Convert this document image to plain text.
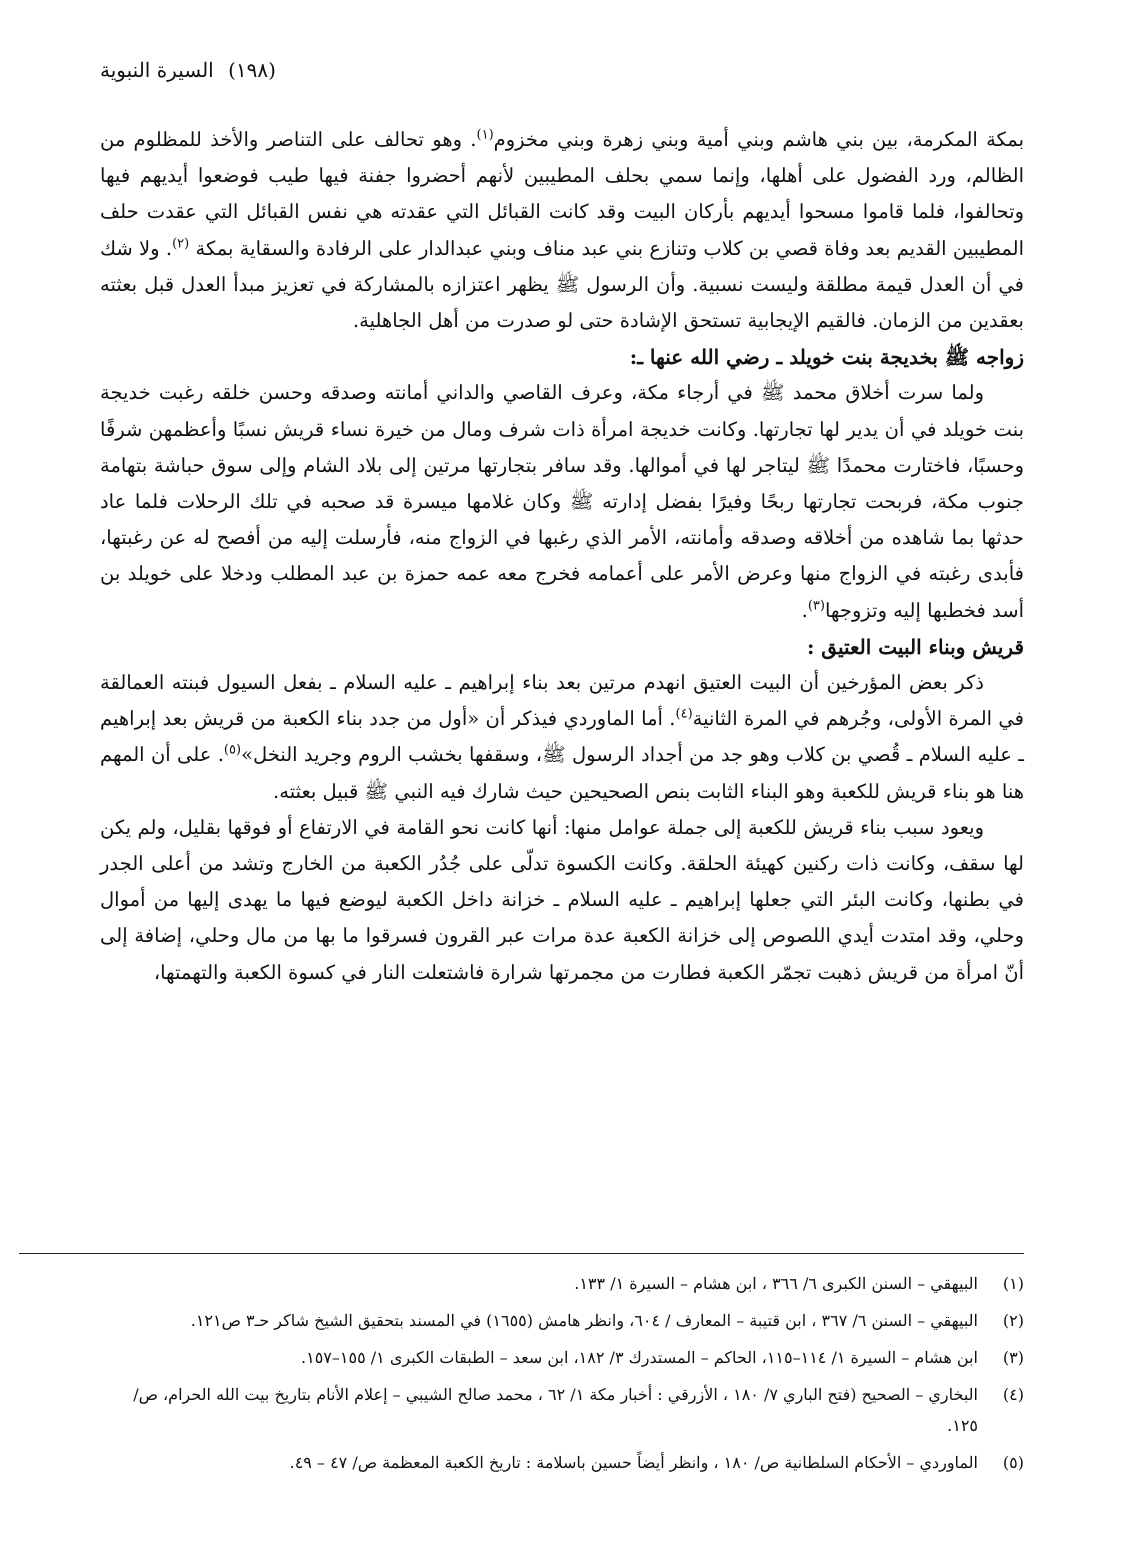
(١٩٨) السيرة النبوية

بمكة المكرمة، بين بني هاشم وبني أمية وبني زهرة وبني مخزوم$^{(١)}$. وهو تحالف على التناصر والأخذ للمظلوم من الظالم، ورد الفضول على أهلها، وإنما سمي بحلف المطيبين لأنهم أحضروا جفنة فيها طيب فوضعوا أيديهم فيها وتحالفوا، فلما قاموا مسحوا أيديهم بأركان البيت وقد كانت القبائل التي عقدته هي نفس القبائل التي عقدت حلف المطيبين القديم بعد وفاة قصي بن كلاب وتنازع بني عبد مناف وبني عبدالدار على الرفادة والسقاية بمكة $^{(٢)}$. ولا شك في أن العدل قيمة مطلقة وليست نسبية. وأن الرسول ﷺ يظهر اعتزازه بالمشاركة في تعزيز مبدأ العدل قبل بعثته بعقدين من الزمان. فالقيم الإيجابية تستحق الإشادة حتى لو صدرت من أهل الجاهلية.

زواجه ﷺ بخديجة بنت خويلد ـ رضي الله عنها ـ:

ولما سرت أخلاق محمد ﷺ في أرجاء مكة، وعرف القاصي والداني أمانته وصدقه وحسن خلقه رغبت خديجة بنت خويلد في أن يدير لها تجارتها. وكانت خديجة امرأة ذات شرف ومال من خيرة نساء قريش نسبًا وأعظمهن شرفًا وحسبًا، فاختارت محمدًا ﷺ ليتاجر لها في أموالها. وقد سافر بتجارتها مرتين إلى بلاد الشام وإلى سوق حباشة بتهامة جنوب مكة، فربحت تجارتها ربحًا وفيرًا بفضل إدارته ﷺ وكان غلامها ميسرة قد صحبه في تلك الرحلات فلما عاد حدثها بما شاهده من أخلاقه وصدقه وأمانته، الأمر الذي رغبها في الزواج منه، فأرسلت إليه من أفصح له عن رغبتها، فأبدى رغبته في الزواج منها وعرض الأمر على أعمامه فخرج معه عمه حمزة بن عبد المطلب ودخلا على خويلد بن أسد فخطبها إليه وتزوجها$^{(٣)}$.

قريش وبناء البيت العتيق :

ذكر بعض المؤرخين أن البيت العتيق انهدم مرتين بعد بناء إبراهيم ـ عليه السلام ـ بفعل السيول فبنته العمالقة في المرة الأولى، وجُرهم في المرة الثانية$^{(٤)}$. أما الماوردي فيذكر أن «أول من جدد بناء الكعبة من قريش بعد إبراهيم ـ عليه السلام ـ قُصي بن كلاب وهو جد من أجداد الرسول ﷺ، وسقفها بخشب الروم وجريد النخل»$^{(٥)}$. على أن المهم هنا هو بناء قريش للكعبة وهو البناء الثابت بنص الصحيحين حيث شارك فيه النبي ﷺ قبيل بعثته.

ويعود سبب بناء قريش للكعبة إلى جملة عوامل منها: أنها كانت نحو القامة في الارتفاع أو فوقها بقليل، ولم يكن لها سقف، وكانت ذات ركنين كهيئة الحلقة. وكانت الكسوة تدلّى على جُدُر الكعبة من الخارج وتشد من أعلى الجدر في بطنها، وكانت البئر التي جعلها إبراهيم ـ عليه السلام ـ خزانة داخل الكعبة ليوضع فيها ما يهدى إليها من أموال وحلي، وقد امتدت أيدي اللصوص إلى خزانة الكعبة عدة مرات عبر القرون فسرقوا ما بها من مال وحلي، إضافة إلى أنّ امرأة من قريش ذهبت تجمّر الكعبة فطارت من مجمرتها شرارة فاشتعلت النار في كسوة الكعبة والتهمتها،

(١)
البيهقي – السنن الكبرى ٦/ ٣٦٦ ، ابن هشام – السيرة ١/ ١٣٣.
(٢)
البيهقي – السنن ٦/ ٣٦٧ ، ابن قتيبة – المعارف / ٦٠٤، وانظر هامش (١٦٥٥) في المسند بتحقيق الشيخ شاكر حـ٣ ص١٢١.
(٣)
ابن هشام – السيرة ١/ ١١٤–١١٥، الحاكم – المستدرك ٣/ ١٨٢، ابن سعد – الطبقات الكبرى ١/ ١٥٥–١٥٧.
(٤)
البخاري – الصحيح (فتح الباري ٧/ ١٨٠ ، الأزرقي : أخبار مكة ١/ ٦٢ ، محمد صالح الشيبي – إعلام الأنام بتاريخ بيت الله الحرام، ص/ ١٢٥.
(٥)
الماوردي – الأحكام السلطانية ص/ ١٨٠ ، وانظر أيضاً حسين باسلامة : تاريخ الكعبة المعظمة ص/ ٤٧ – ٤٩.
